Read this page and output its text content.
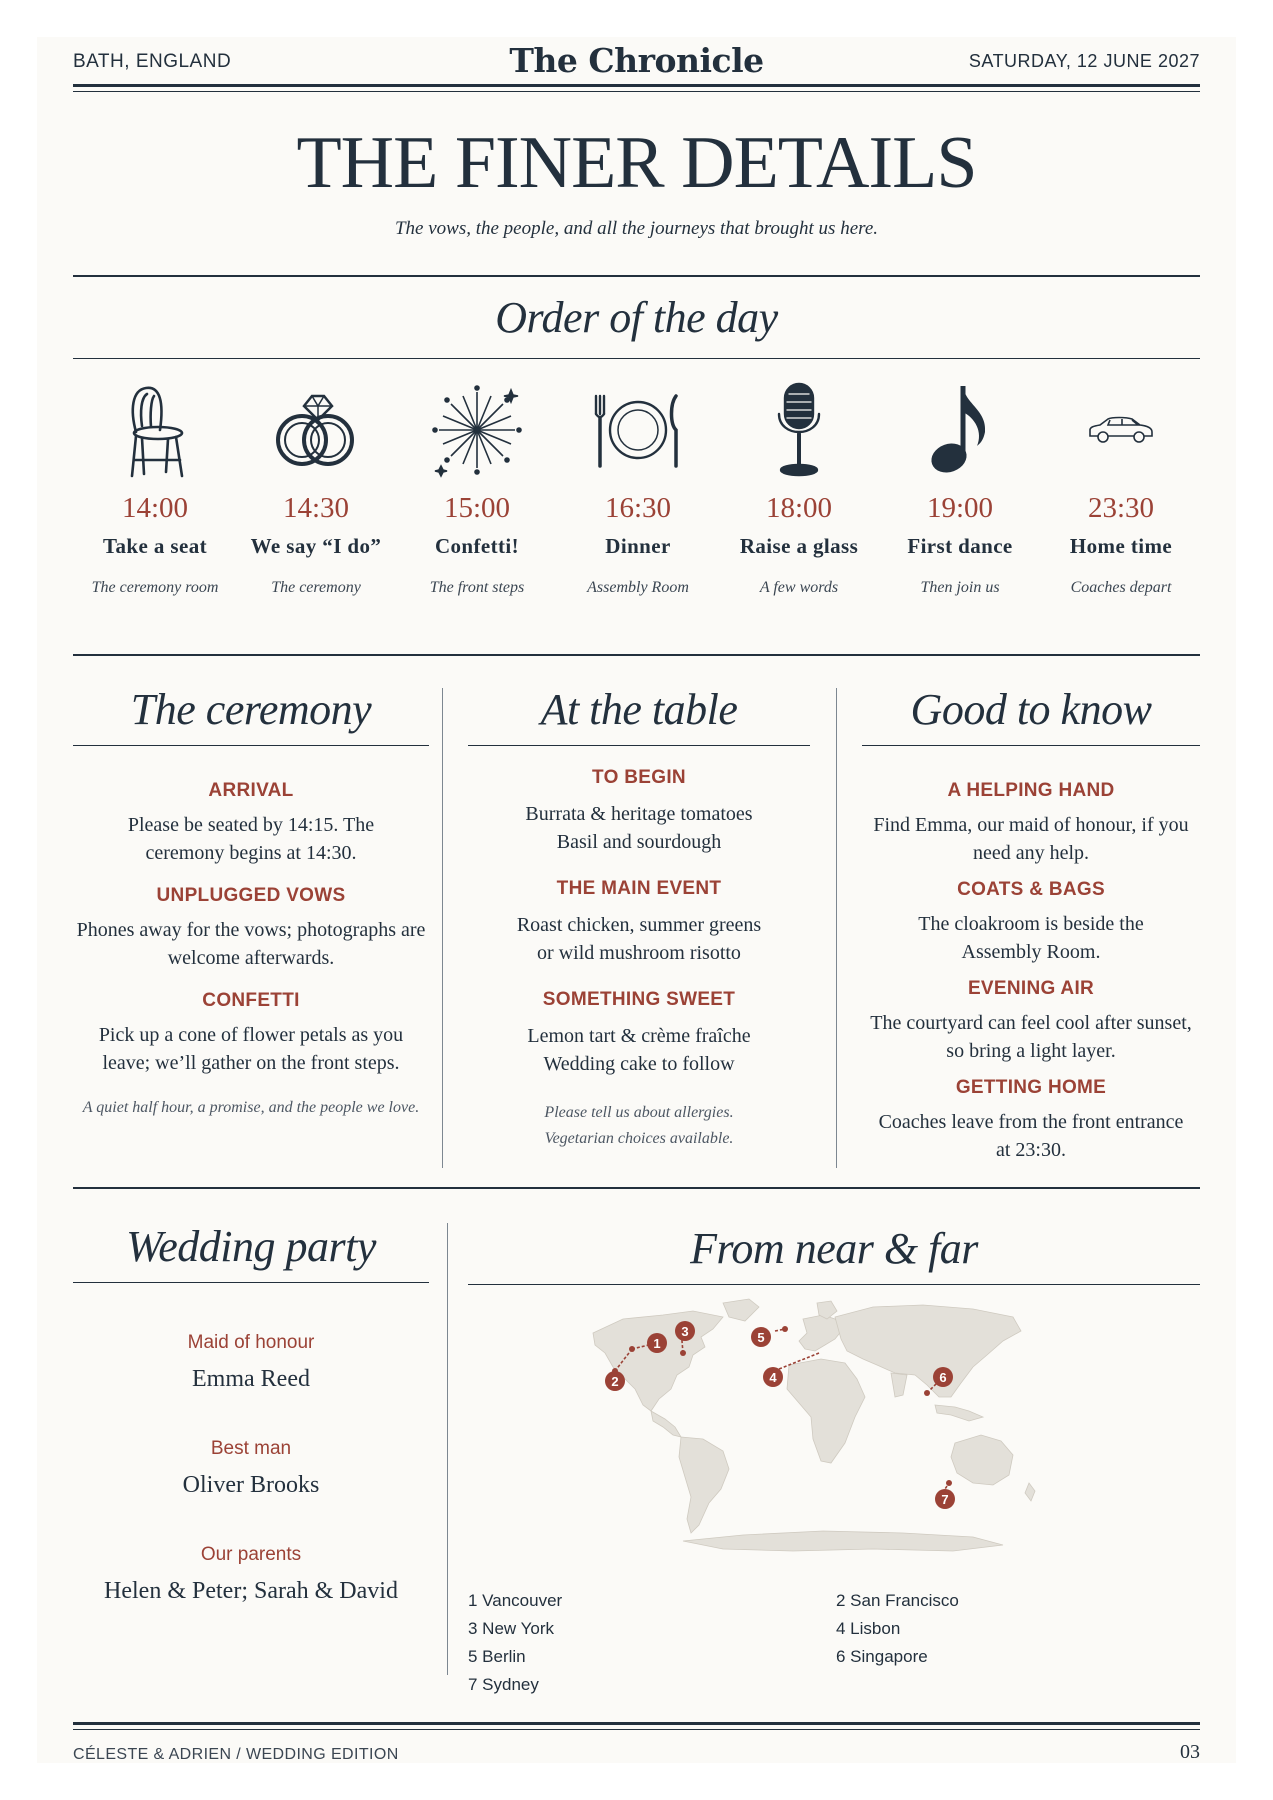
BATH, ENGLAND	The Chronicle	SATURDAY, 12 JUNE 2027
THE FINER DETAILS
The vows, the people, and all the journeys that brought us here.
Order of the day
14:00
Take a seat
The ceremony room
14:30
We say “I do”
The ceremony
15:00
Confetti!
The front steps
16:30
Dinner
Assembly Room
18:00
Raise a glass
A few words
19:00
First dance
Then join us
23:30
Home time
Coaches depart
The ceremony
ARRIVAL

Please be seated by 14:15. The ceremony begins at 14:30.

UNPLUGGED VOWS

Phones away for the vows; photographs are welcome afterwards.

CONFETTI

Pick up a cone of flower petals as you leave; we’ll gather on the front steps.

A quiet half hour, a promise, and the people we love.

At the table
TO BEGIN

Burrata & heritage tomatoes
Basil and sourdough

THE MAIN EVENT

Roast chicken, summer greens
or wild mushroom risotto

SOMETHING SWEET

Lemon tart & crème fraîche
Wedding cake to follow

Please tell us about allergies.
Vegetarian choices available.

Good to know
A HELPING HAND

Find Emma, our maid of honour, if you need any help.

COATS & BAGS

The cloakroom is beside the Assembly Room.

EVENING AIR

The courtyard can feel cool after sunset, so bring a light layer.

GETTING HOME

Coaches leave from the front entrance at 23:30.

Wedding party
Maid of honour
Emma Reed
Best man
Oliver Brooks
Our parents
Helen & Peter; Sarah & David
From near & far
1
2
3
4
5
6
7
1 Vancouver	2 San Francisco
3 New York	4 Lisbon
5 Berlin	6 Singapore
7 Sydney
CÉLESTE & ADRIEN / WEDDING EDITION	03
